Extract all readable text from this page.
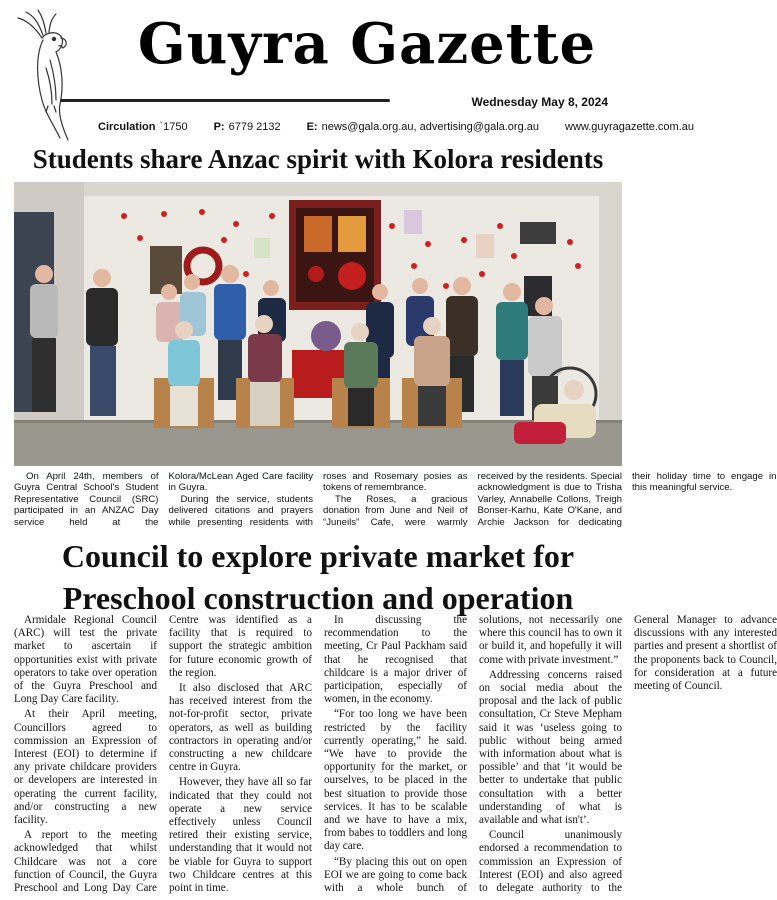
Guyra Gazette
Wednesday May 8, 2024
Circulation `1750 P: 6779 2132 E: news@gala.org.au, advertising@gala.org.au www.guyragazette.com.au
Students share Anzac spirit with Kolora residents

On April 24th, members of Guyra Central School's Student Representative Council (SRC) participated in an ANZAC Day service held at the Kolora/McLean Aged Care facility in Guyra.

During the service, students delivered citations and prayers while presenting residents with roses and Rosemary posies as tokens of remembrance.

The Roses, a gracious donation from June and Neil of “Juneils” Cafe, were warmly received by the residents. Special acknowledgment is due to Trisha Varley, Annabelle Collons, Treigh Bonser-Karhu, Kate O'Kane, and Archie Jackson for dedicating their holiday time to engage in this meaningful service.

Council to explore private market for Preschool construction and operation

Armidale Regional Council (ARC) will test the private market to ascertain if opportunities exist with private operators to take over operation of the Guyra Preschool and Long Day Care facility.

At their April meeting, Councillors agreed to commission an Expression of Interest (EOI) to determine if any private childcare providers or developers are interested in operating the current facility, and/or constructing a new facility.

A report to the meeting acknowledged that whilst Childcare was not a core function of Council, the Guyra Preschool and Long Day Care Centre was identified as a facility that is required to support the strategic ambition for future economic growth of the region.

It also disclosed that ARC has received interest from the not-for-profit sector, private operators, as well as building contractors in operating and/or constructing a new childcare centre in Guyra.

However, they have all so far indicated that they could not operate a new service effectively unless Council retired their existing service, understanding that it would not be viable for Guyra to support two Childcare centres at this point in time.

In discussing the recommendation to the meeting, Cr Paul Packham said that he recognised that childcare is a major driver of participation, especially of women, in the economy.

“For too long we have been restricted by the facility currently operating,” he said. “We have to provide the opportunity for the market, or ourselves, to be placed in the best situation to provide those services. It has to be scalable and we have to have a mix, from babes to toddlers and long day care.

“By placing this out on open EOI we are going to come back with a whole bunch of solutions, not necessarily one where this council has to own it or build it, and hopefully it will come with private investment.”

Addressing concerns raised on social media about the proposal and the lack of public consultation, Cr Steve Mepham said it was ‘useless going to public without being armed with information about what is possible’ and that ‘it would be better to undertake that public consultation with a better understanding of what is available and what isn't’.

Council unanimously endorsed a recommendation to commission an Expression of Interest (EOI) and also agreed to delegate authority to the General Manager to advance discussions with any interested parties and present a shortlist of the proponents back to Council, for consideration at a future meeting of Council.
